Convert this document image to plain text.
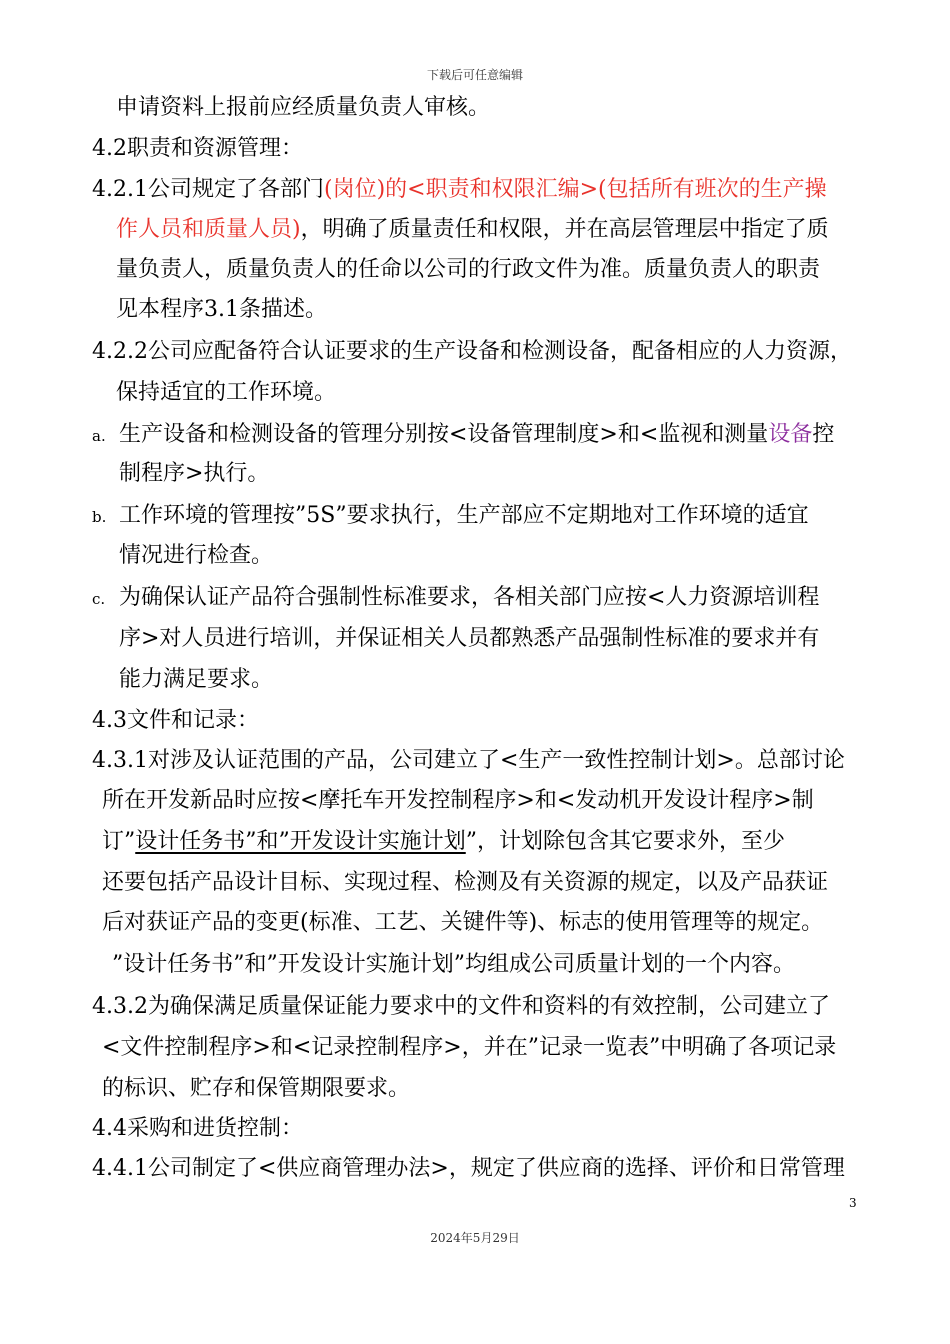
下载后可任意编辑
申请资料上报前应经质量负责人审核。
4.2职责和资源管理：
4.2.1公司规定了各部门(岗位)的<职责和权限汇编>(包括所有班次的生产操
作人员和质量人员)，明确了质量责任和权限，并在高层管理层中指定了质
量负责人，质量负责人的任命以公司的行政文件为准。质量负责人的职责
见本程序3.1条描述。
4.2.2公司应配备符合认证要求的生产设备和检测设备，配备相应的人力资源，
保持适宜的工作环境。
a. 生产设备和检测设备的管理分别按<设备管理制度>和<监视和测量设备控
制程序>执行。
b. 工作环境的管理按”5S”要求执行，生产部应不定期地对工作环境的适宜
情况进行检查。
c. 为确保认证产品符合强制性标准要求，各相关部门应按<人力资源培训程
序>对人员进行培训，并保证相关人员都熟悉产品强制性标准的要求并有
能力满足要求。
4.3文件和记录：
4.3.1对涉及认证范围的产品，公司建立了<生产一致性控制计划>。总部讨论
所在开发新品时应按<摩托车开发控制程序>和<发动机开发设计程序>制
订”设计任务书”和”开发设计实施计划”，计划除包含其它要求外，至少
还要包括产品设计目标、实现过程、检测及有关资源的规定，以及产品获证
后对获证产品的变更(标准、工艺、关键件等)、标志的使用管理等的规定。
”设计任务书”和”开发设计实施计划”均组成公司质量计划的一个内容。
4.3.2为确保满足质量保证能力要求中的文件和资料的有效控制，公司建立了
<文件控制程序>和<记录控制程序>，并在”记录一览表”中明确了各项记录
的标识、贮存和保管期限要求。
4.4采购和进货控制：
4.4.1公司制定了<供应商管理办法>，规定了供应商的选择、评价和日常管理
3
2024年5月29日
